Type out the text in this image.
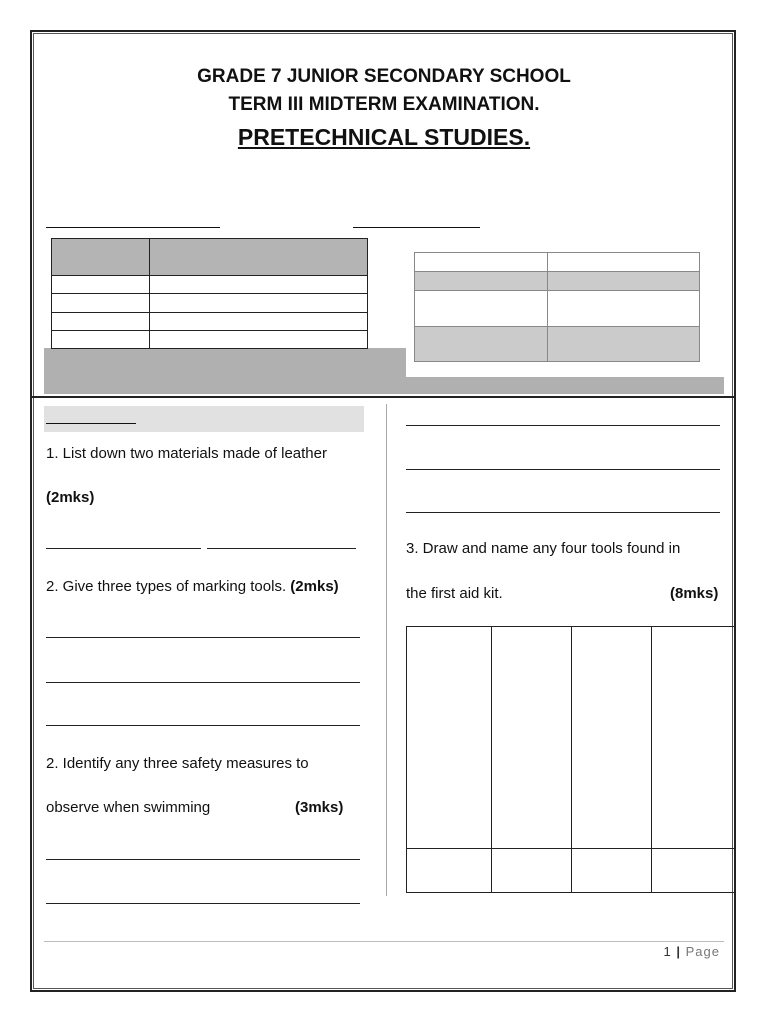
GRADE 7 JUNIOR SECONDARY SCHOOL
TERM III MIDTERM EXAMINATION.
PRETECHNICAL STUDIES.

1. List down two materials made of leather
(2mks)
2. Give three types of marking tools. (2mks)
2. Identify any three safety measures to
observe when swimming	(3mks)
3. Draw and name any four tools found in
the first aid kit.	(8mks)

1 | Page
